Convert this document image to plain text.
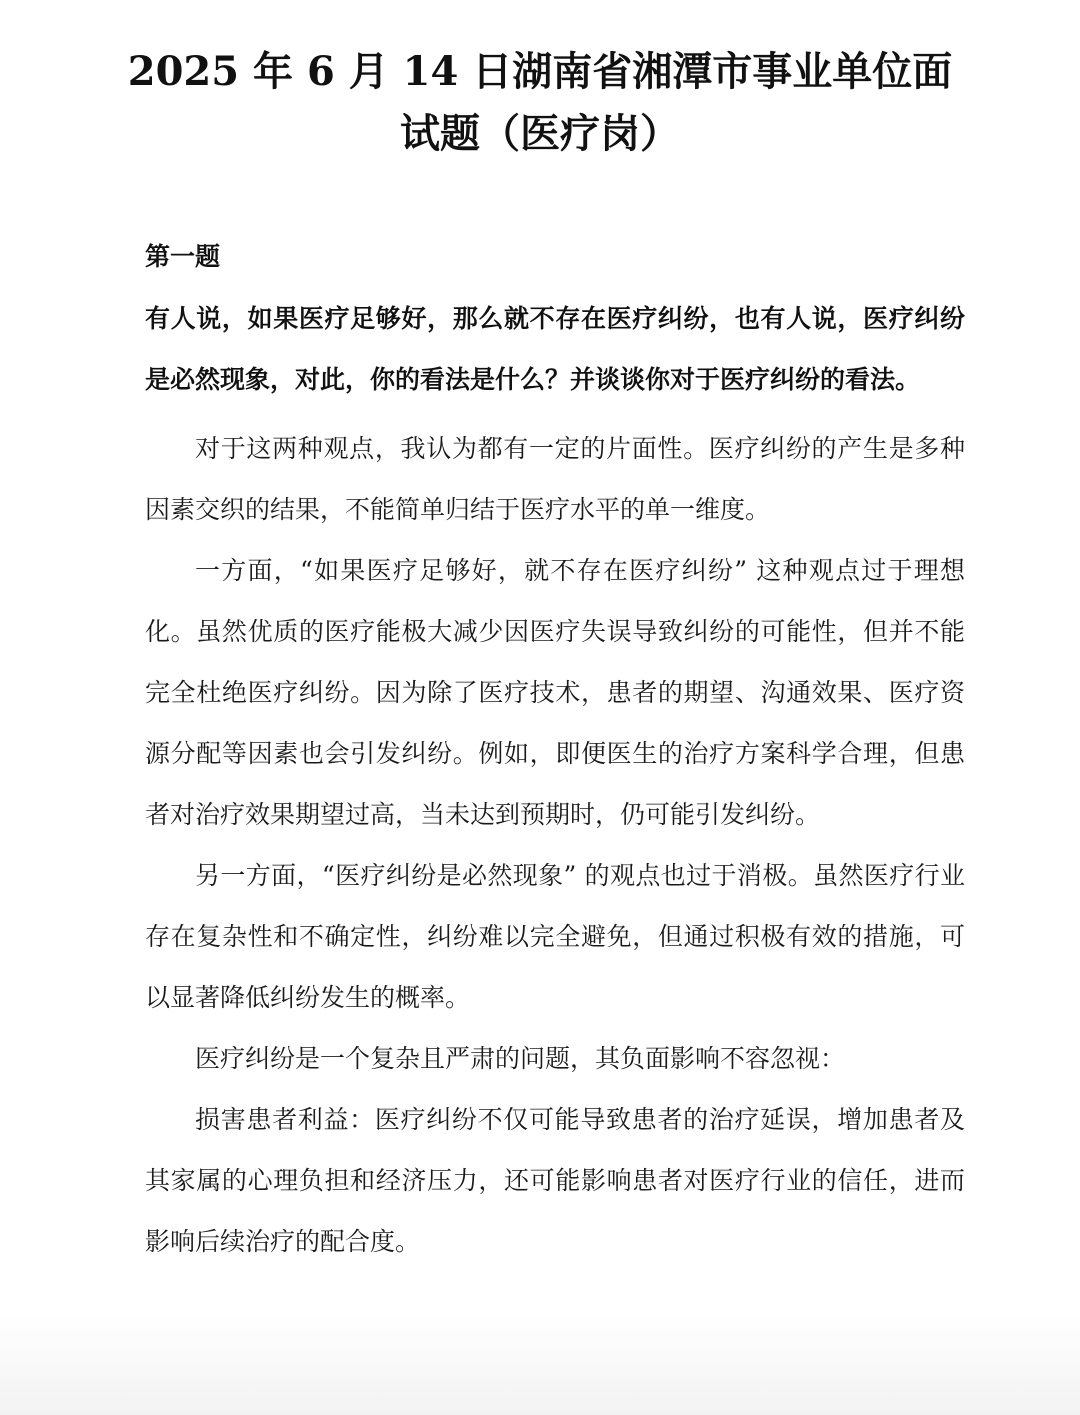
2025 年 6 月 14 日湖南省湘潭市事业单位面
试题（医疗岗）

第一题

有人说，如果医疗足够好，那么就不存在医疗纠纷，也有人说，医疗纠纷是必然现象，对此，你的看法是什么？并谈谈你对于医疗纠纷的看法。

对于这两种观点，我认为都有一定的片面性。医疗纠纷的产生是多种因素交织的结果，不能简单归结于医疗水平的单一维度。

一方面，“如果医疗足够好，就不存在医疗纠纷” 这种观点过于理想化。虽然优质的医疗能极大减少因医疗失误导致纠纷的可能性，但并不能完全杜绝医疗纠纷。因为除了医疗技术，患者的期望、沟通效果、医疗资源分配等因素也会引发纠纷。例如，即便医生的治疗方案科学合理，但患者对治疗效果期望过高，当未达到预期时，仍可能引发纠纷。

另一方面，“医疗纠纷是必然现象” 的观点也过于消极。虽然医疗行业存在复杂性和不确定性，纠纷难以完全避免，但通过积极有效的措施，可以显著降低纠纷发生的概率。

医疗纠纷是一个复杂且严肃的问题，其负面影响不容忽视：

损害患者利益：医疗纠纷不仅可能导致患者的治疗延误，增加患者及其家属的心理负担和经济压力，还可能影响患者对医疗行业的信任，进而影响后续治疗的配合度。
